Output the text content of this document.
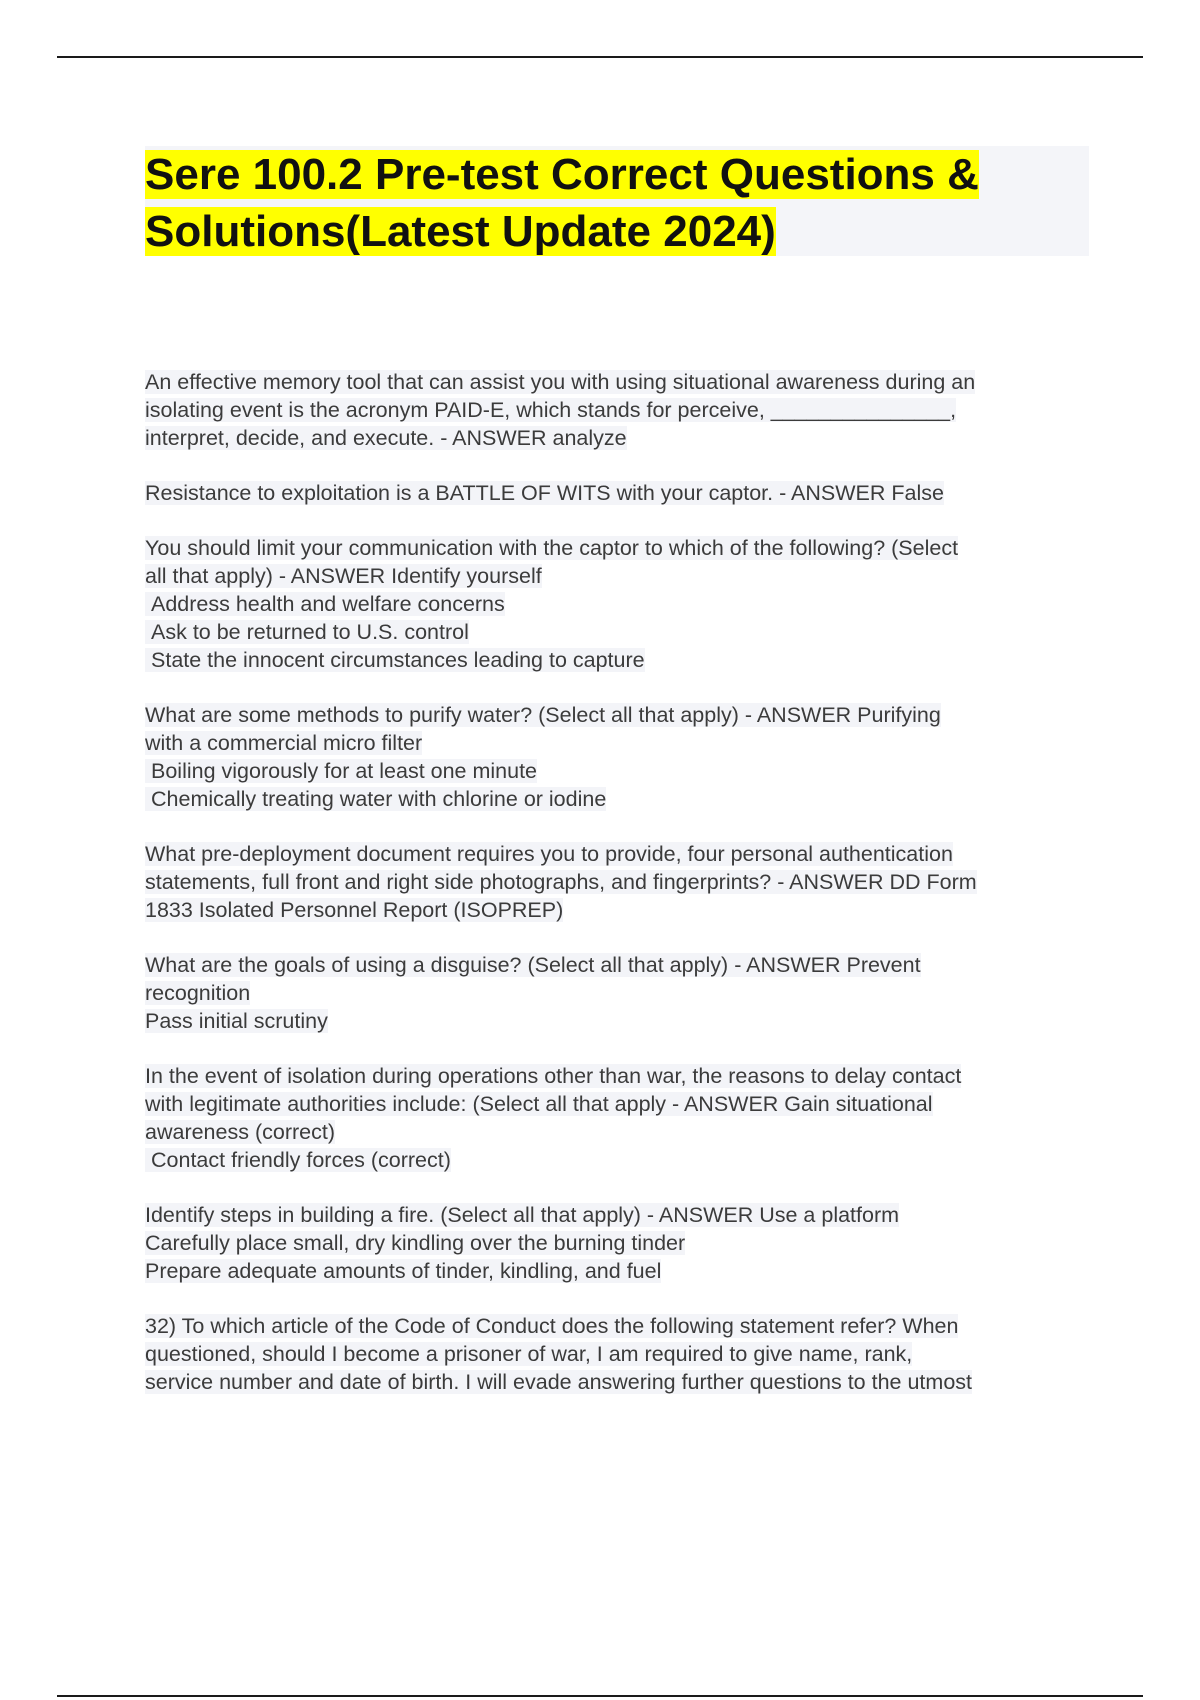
Sere 100.2 Pre-test Correct Questions &
Solutions(Latest Update 2024)
An effective memory tool that can assist you with using situational awareness during an
isolating event is the acronym PAID-E, which stands for perceive, _______________,
interpret, decide, and execute. - ANSWER analyze
Resistance to exploitation is a BATTLE OF WITS with your captor. - ANSWER False
You should limit your communication with the captor to which of the following? (Select
all that apply) - ANSWER Identify yourself
Address health and welfare concerns
Ask to be returned to U.S. control
State the innocent circumstances leading to capture
What are some methods to purify water? (Select all that apply) - ANSWER Purifying
with a commercial micro filter
Boiling vigorously for at least one minute
Chemically treating water with chlorine or iodine
What pre-deployment document requires you to provide, four personal authentication
statements, full front and right side photographs, and fingerprints? - ANSWER DD Form
1833 Isolated Personnel Report (ISOPREP)
What are the goals of using a disguise? (Select all that apply) - ANSWER Prevent
recognition
Pass initial scrutiny
In the event of isolation during operations other than war, the reasons to delay contact
with legitimate authorities include: (Select all that apply - ANSWER Gain situational
awareness (correct)
Contact friendly forces (correct)
Identify steps in building a fire. (Select all that apply) - ANSWER Use a platform
Carefully place small, dry kindling over the burning tinder
Prepare adequate amounts of tinder, kindling, and fuel
32) To which article of the Code of Conduct does the following statement refer? When
questioned, should I become a prisoner of war, I am required to give name, rank,
service number and date of birth. I will evade answering further questions to the utmost
